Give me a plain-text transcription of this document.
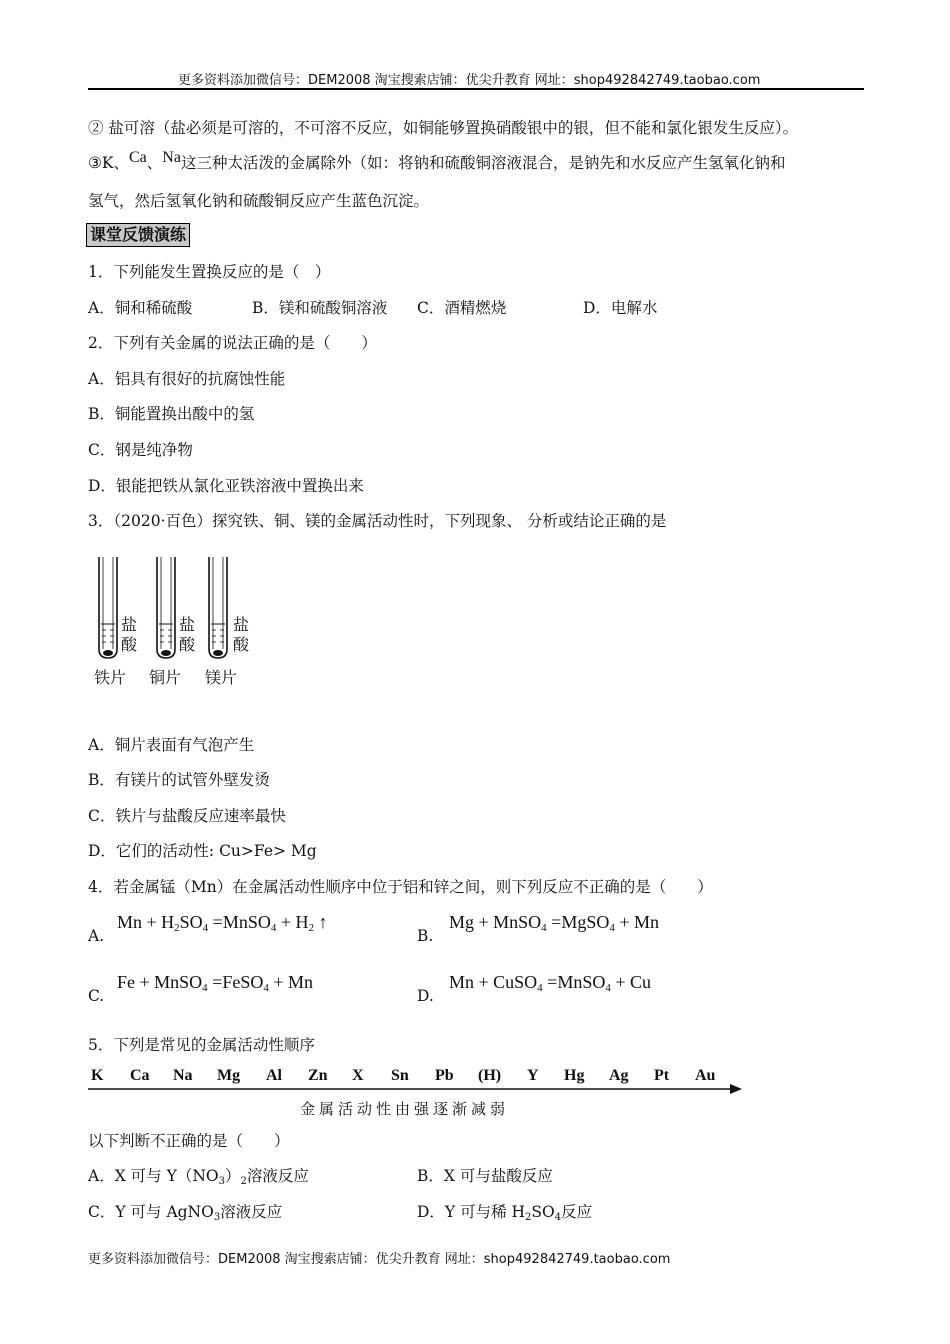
更多资料添加微信号：DEM2008 淘宝搜索店铺：优尖升教育 网址：shop492842749.taobao.com
② 盐可溶（盐必须是可溶的，不可溶不反应，如铜能够置换硝酸银中的银，但不能和氯化银发生反应）。
③K、Ca、Na这三种太活泼的金属除外（如：将钠和硫酸铜溶液混合，是钠先和水反应产生氢氧化钠和
氢气，然后氢氧化钠和硫酸铜反应产生蓝色沉淀。
课堂反馈演练
1．下列能发生置换反应的是（　）
A．铜和稀硫酸	B．镁和硫酸铜溶液 C．酒精燃烧	D．电解水
2．下列有关金属的说法正确的是（　　）
A．铝具有很好的抗腐蚀性能
B．铜能置换出酸中的氢
C．钢是纯净物
D．银能把铁从氯化亚铁溶液中置换出来
3．（2020·百色）探究铁、铜、镁的金属活动性时，下列现象、 分析或结论正确的是
盐
酸
盐
酸
盐
酸
铁片 铜片 镁片
A．铜片表面有气泡产生
B．有镁片的试管外壁发烫
C．铁片与盐酸反应速率最快
D．它们的活动性: Cu>Fe> Mg
4．若金属锰（Mn）在金属活动性顺序中位于铝和锌之间，则下列反应不正确的是（　　）
A.
$Mn + H_2SO_4$ =MnSO$_4$ + $H_2$ ↑
B.
Mg + MnSO$_4$ =MgSO$_4$ + Mn
C.
Fe + MnSO$_4$ =FeSO$_4$ + Mn
D.
Mn + CuSO$_4$ =MnSO$_4$ + Cu
5．下列是常见的金属活动性顺序
K Ca Na Mg Al Zn X Sn Pb (H) Y Hg Ag Pt Au
金属活动性由强逐渐减弱
以下判断不正确的是（　　）
A．X 可与 $Y(NO_3)_2$溶液反应	B．X 可与盐酸反应
C．Y 可与 AgNO$_3$溶液反应	D．Y 可与稀 $H_2SO_4$反应
更多资料添加微信号：DEM2008 淘宝搜索店铺：优尖升教育 网址：shop492842749.taobao.com
